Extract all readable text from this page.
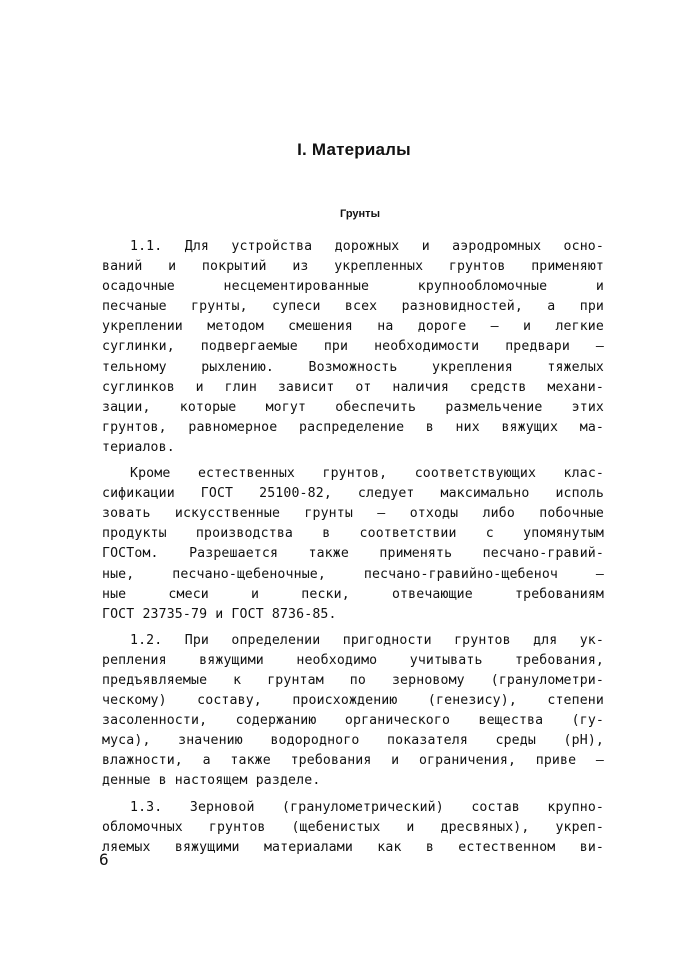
I. Материалы
Грунты
1.1. Для устройства дорожных и аэродромных осно-
ваний и покрытий из укрепленных грунтов применяют
осадочные несцементированные крупнообломочные и
песчаные грунты, супеси всех разновидностей, а при
укреплении методом смешения на дороге – и легкие
суглинки, подвергаемые при необходимости предвари –
тельному рыхлению. Возможность укрепления тяжелых
суглинков и глин зависит от наличия средств механи-
зации, которые могут обеспечить размельчение этих
грунтов, равномерное распределение в них вяжущих ма-
териалов.
Кроме естественных грунтов, соответствующих клас-
сификации ГОСТ 25100-82, следует максимально исполь
зовать искусственные грунты – отходы либо побочные
продукты производства в соответствии с упомянутым
ГОСТом. Разрешается также применять песчано-гравий-
ные, песчано-щебеночные, песчано-гравийно-щебеноч –
ные смеси и пески, отвечающие требованиям
ГОСТ 23735-79 и ГОСТ 8736-85.
1.2. При определении пригодности грунтов для ук-
репления вяжущими необходимо учитывать требования,
предъявляемые к грунтам по зерновому (гранулометри-
ческому) составу, происхождению (генезису), степени
засоленности, содержанию органического вещества (гу-
муса), значению водородного показателя среды (pH),
влажности, а также требования и ограничения, приве –
денные в настоящем разделе.
1.3. Зерновой (гранулометрический) состав крупно-
обломочных грунтов (щебенистых и дресвяных), укреп-
ляемых вяжущими материалами как в естественном ви-
6
